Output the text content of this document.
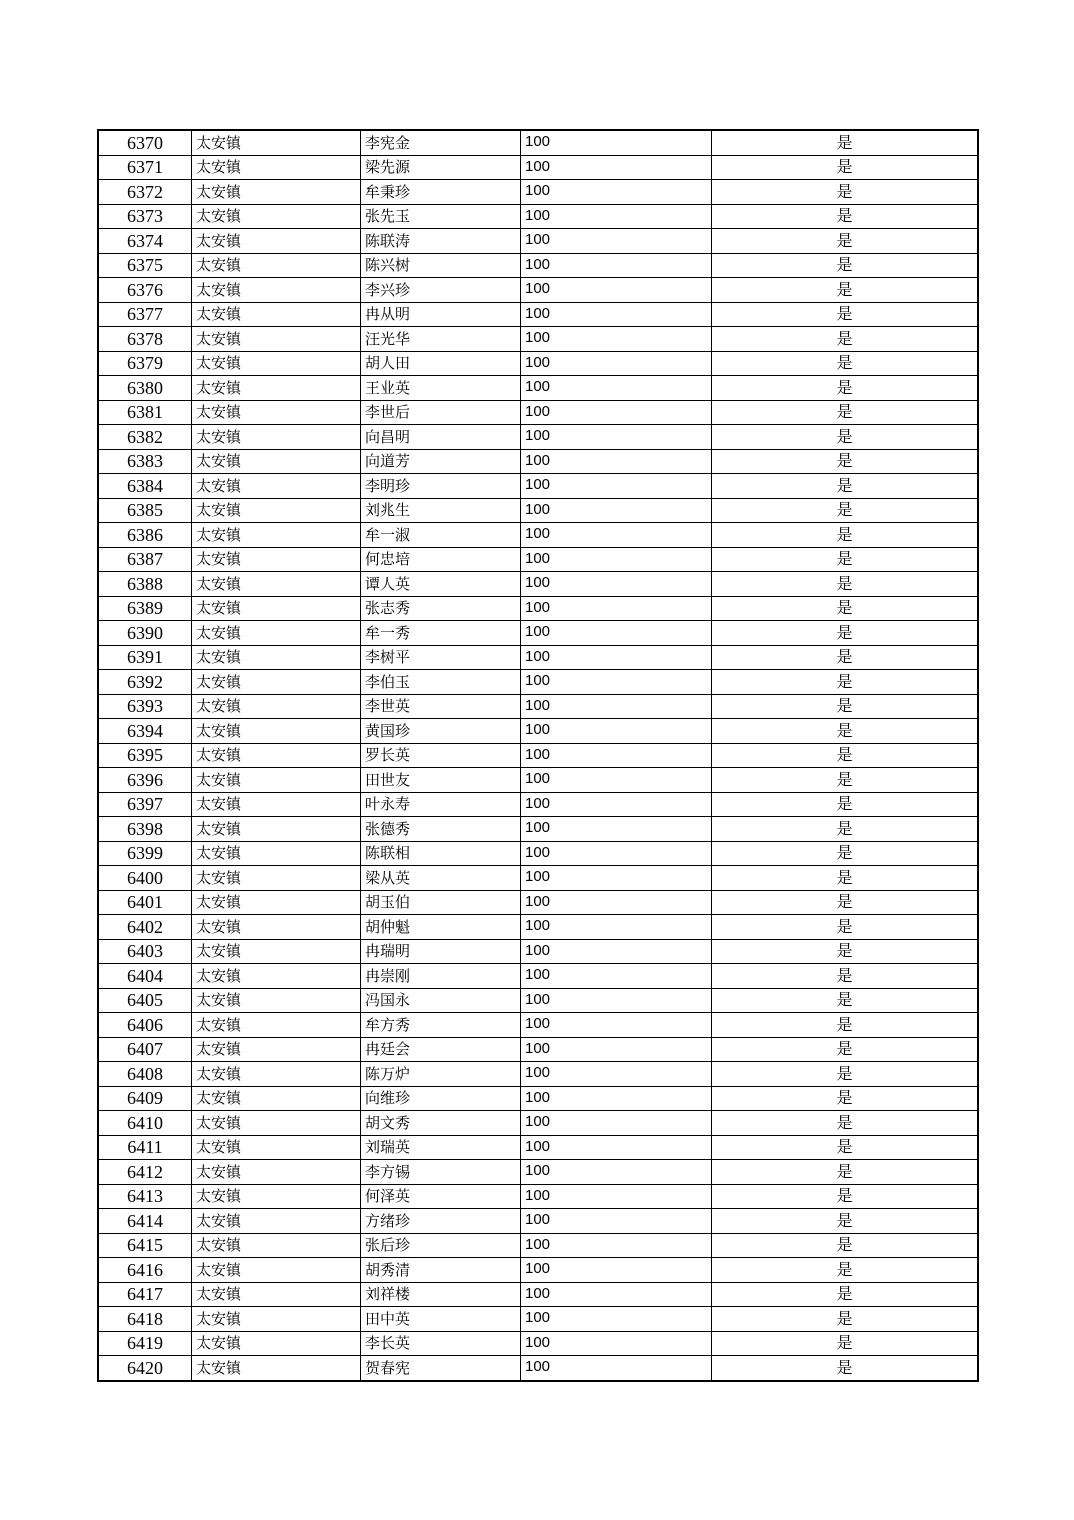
6370	太安镇	李宪金	100	是
6371	太安镇	梁先源	100	是
6372	太安镇	牟秉珍	100	是
6373	太安镇	张先玉	100	是
6374	太安镇	陈联涛	100	是
6375	太安镇	陈兴树	100	是
6376	太安镇	李兴珍	100	是
6377	太安镇	冉从明	100	是
6378	太安镇	汪光华	100	是
6379	太安镇	胡人田	100	是
6380	太安镇	王业英	100	是
6381	太安镇	李世后	100	是
6382	太安镇	向昌明	100	是
6383	太安镇	向道芳	100	是
6384	太安镇	李明珍	100	是
6385	太安镇	刘兆生	100	是
6386	太安镇	牟一淑	100	是
6387	太安镇	何忠培	100	是
6388	太安镇	谭人英	100	是
6389	太安镇	张志秀	100	是
6390	太安镇	牟一秀	100	是
6391	太安镇	李树平	100	是
6392	太安镇	李伯玉	100	是
6393	太安镇	李世英	100	是
6394	太安镇	黄国珍	100	是
6395	太安镇	罗长英	100	是
6396	太安镇	田世友	100	是
6397	太安镇	叶永寿	100	是
6398	太安镇	张德秀	100	是
6399	太安镇	陈联相	100	是
6400	太安镇	梁从英	100	是
6401	太安镇	胡玉伯	100	是
6402	太安镇	胡仲魁	100	是
6403	太安镇	冉瑞明	100	是
6404	太安镇	冉崇刚	100	是
6405	太安镇	冯国永	100	是
6406	太安镇	牟方秀	100	是
6407	太安镇	冉廷会	100	是
6408	太安镇	陈万炉	100	是
6409	太安镇	向维珍	100	是
6410	太安镇	胡文秀	100	是
6411	太安镇	刘瑞英	100	是
6412	太安镇	李方锡	100	是
6413	太安镇	何泽英	100	是
6414	太安镇	方绪珍	100	是
6415	太安镇	张后珍	100	是
6416	太安镇	胡秀清	100	是
6417	太安镇	刘祥楼	100	是
6418	太安镇	田中英	100	是
6419	太安镇	李长英	100	是
6420	太安镇	贺春宪	100	是
